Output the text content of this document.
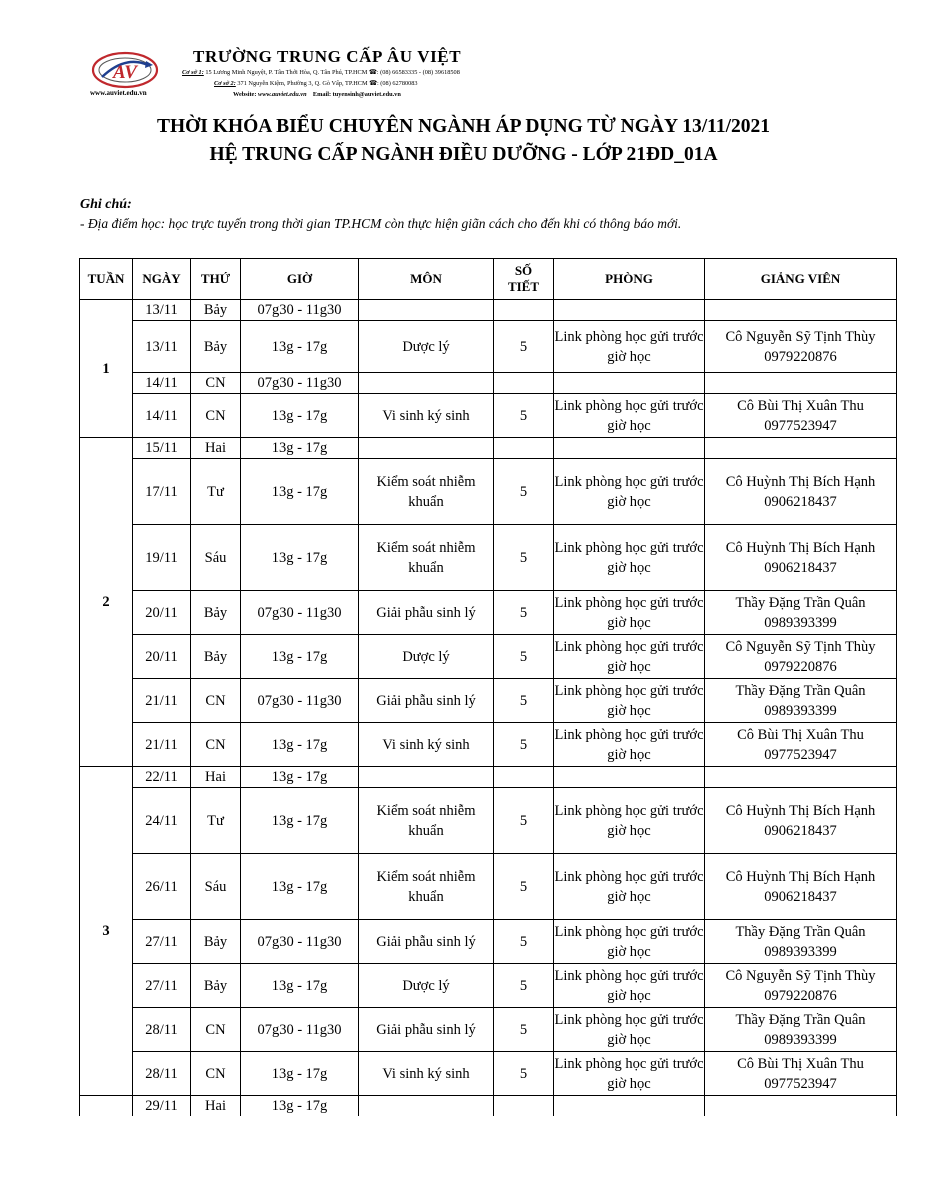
AV
www.auviet.edu.vn
TRƯỜNG TRUNG CẤP ÂU VIỆT
Cơ sở 1: 15 Lương Minh Nguyệt, P. Tân Thới Hòa, Q. Tân Phú, TP.HCM ☎: (08) 66583335 - (08) 39618508
Cơ sở 2: 371 Nguyễn Kiệm, Phường 3, Q. Gò Vấp, TP.HCM ☎: (08) 62780083
Website: www.auviet.edu.vn Email: tuyensinh@auviet.edu.vn
THỜI KHÓA BIỂU CHUYÊN NGÀNH ÁP DỤNG TỪ NGÀY 13/11/2021
HỆ TRUNG CẤP NGÀNH ĐIỀU DƯỠNG - LỚP 21ĐD_01A
Ghi chú:
- Địa điểm học: học trực tuyến trong thời gian TP.HCM còn thực hiện giãn cách cho đến khi có thông báo mới.
TUẦN	NGÀY	THỨ	GIỜ	MÔN	SỐ
TIẾT	PHÒNG	GIẢNG VIÊN
1	13/11	Bảy	07g30 - 11g30				
	13/11	Bảy	13g - 17g	Dược lý	5	Link phòng học gửi trước giờ học	Cô Nguyễn Sỹ Tịnh Thùy
0979220876

	14/11	CN	07g30 - 11g30				
	14/11	CN	13g - 17g	Vi sinh ký sinh	5	Link phòng học gửi trước giờ học	Cô Bùi Thị Xuân Thu
0977523947

2	15/11	Hai	13g - 17g				
	17/11	Tư	13g - 17g	Kiểm soát nhiễm khuẩn	5	Link phòng học gửi trước giờ học	Cô Huỳnh Thị Bích Hạnh
0906218437

	19/11	Sáu	13g - 17g	Kiểm soát nhiễm khuẩn	5	Link phòng học gửi trước giờ học	Cô Huỳnh Thị Bích Hạnh
0906218437

	20/11	Bảy	07g30 - 11g30	Giải phẫu sinh lý	5	Link phòng học gửi trước giờ học	Thầy Đặng Trần Quân
0989393399

	20/11	Bảy	13g - 17g	Dược lý	5	Link phòng học gửi trước giờ học	Cô Nguyễn Sỹ Tịnh Thùy
0979220876

	21/11	CN	07g30 - 11g30	Giải phẫu sinh lý	5	Link phòng học gửi trước giờ học	Thầy Đặng Trần Quân
0989393399

	21/11	CN	13g - 17g	Vi sinh ký sinh	5	Link phòng học gửi trước giờ học	Cô Bùi Thị Xuân Thu
0977523947

3	22/11	Hai	13g - 17g				
	24/11	Tư	13g - 17g	Kiểm soát nhiễm khuẩn	5	Link phòng học gửi trước giờ học	Cô Huỳnh Thị Bích Hạnh
0906218437

	26/11	Sáu	13g - 17g	Kiểm soát nhiễm khuẩn	5	Link phòng học gửi trước giờ học	Cô Huỳnh Thị Bích Hạnh
0906218437

	27/11	Bảy	07g30 - 11g30	Giải phẫu sinh lý	5	Link phòng học gửi trước giờ học	Thầy Đặng Trần Quân
0989393399

	27/11	Bảy	13g - 17g	Dược lý	5	Link phòng học gửi trước giờ học	Cô Nguyễn Sỹ Tịnh Thùy
0979220876

	28/11	CN	07g30 - 11g30	Giải phẫu sinh lý	5	Link phòng học gửi trước giờ học	Thầy Đặng Trần Quân
0989393399

	28/11	CN	13g - 17g	Vi sinh ký sinh	5	Link phòng học gửi trước giờ học	Cô Bùi Thị Xuân Thu
0977523947

	29/11	Hai	13g - 17g				
